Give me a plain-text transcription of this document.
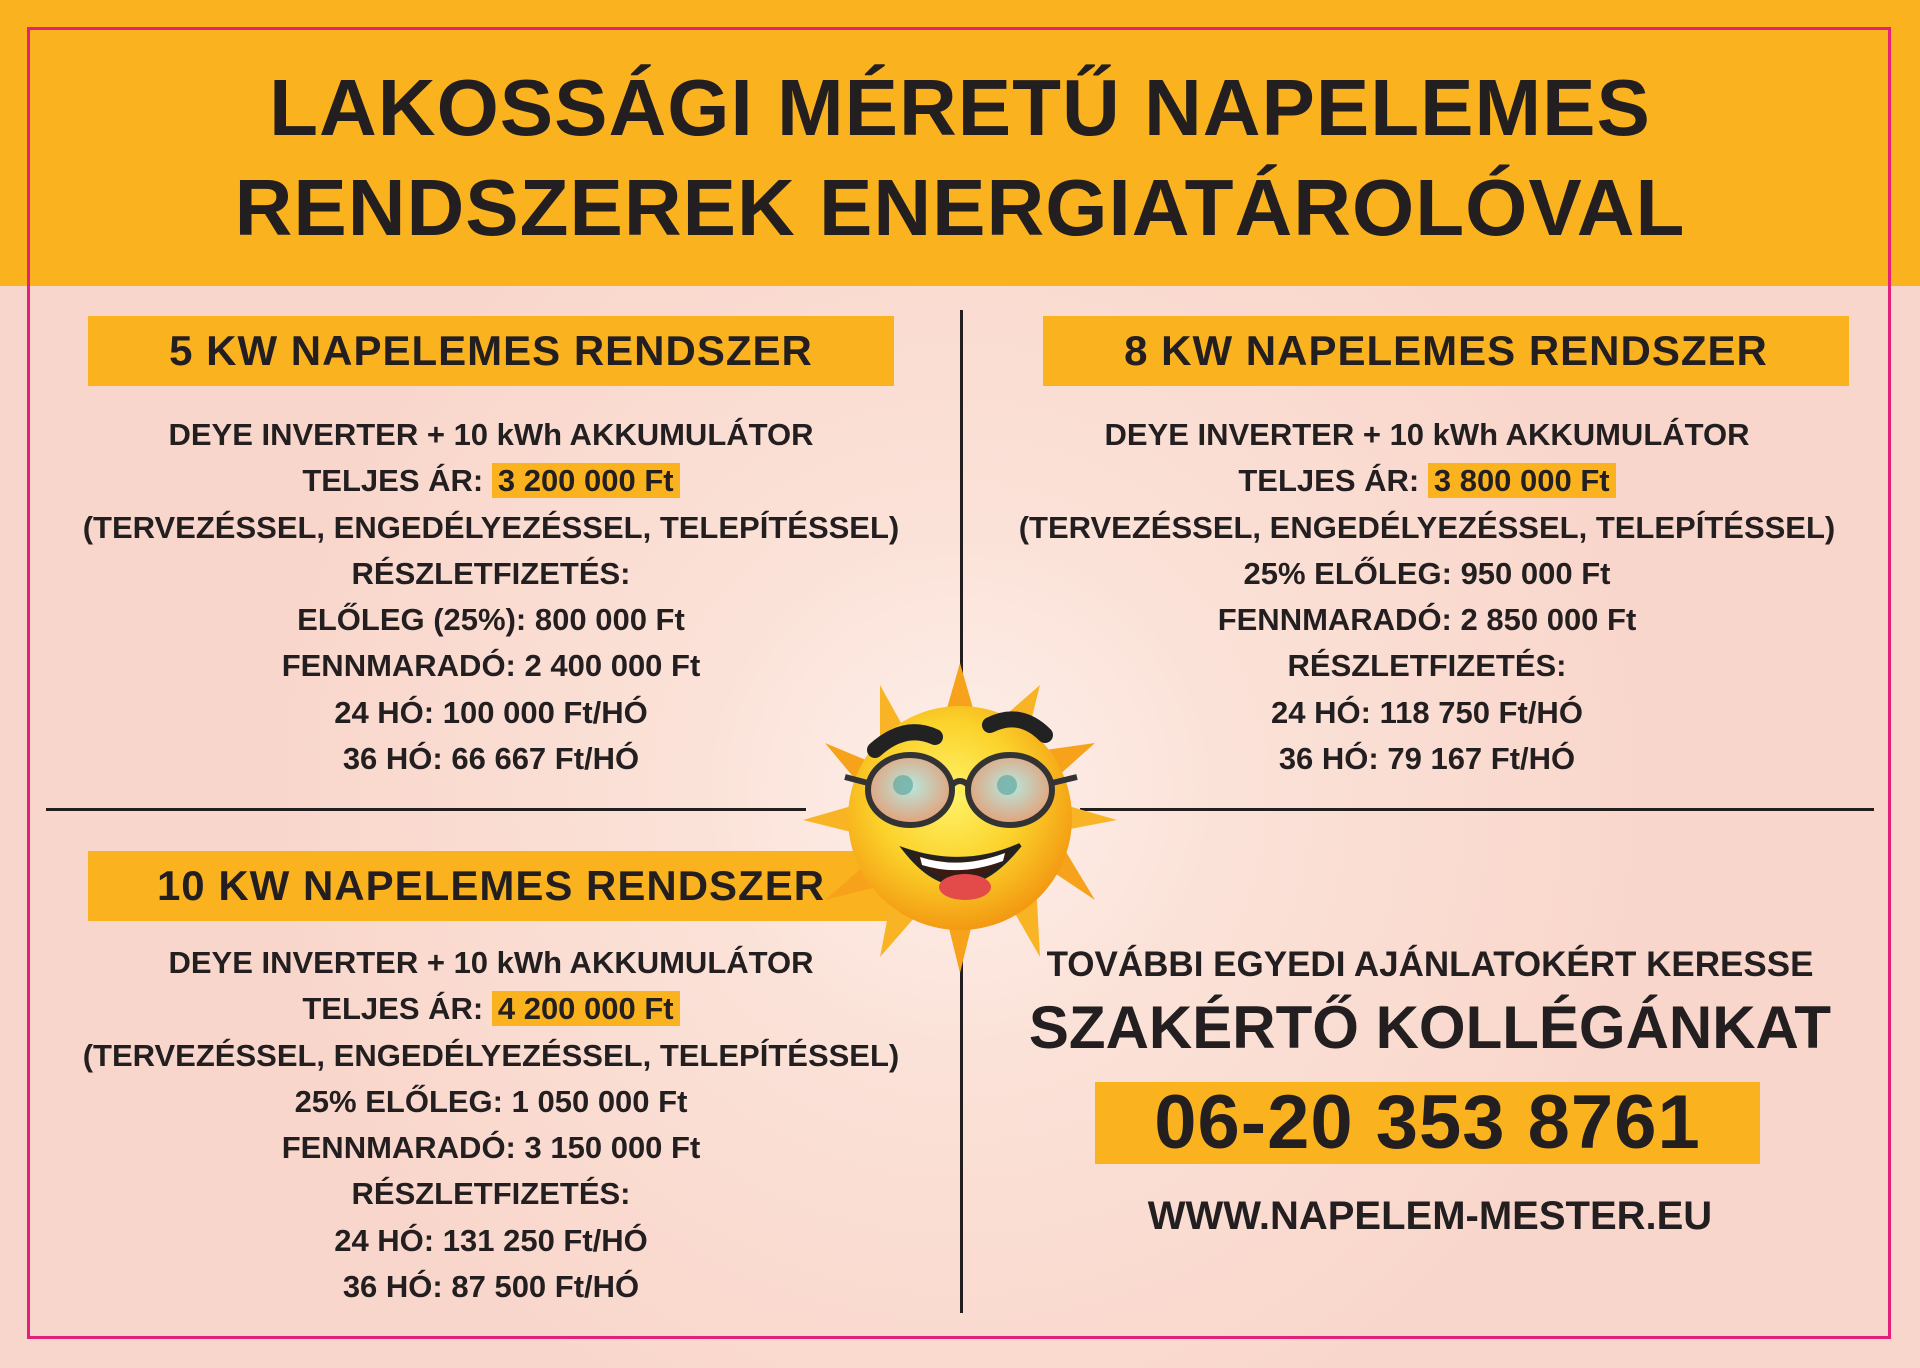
LAKOSSÁGI MÉRETŰ NAPELEMES
RENDSZEREK ENERGIATÁROLÓVAL
5 KW NAPELEMES RENDSZER
DEYE INVERTER + 10 kWh AKKUMULÁTOR
TELJES ÁR: 3 200 000 Ft
(TERVEZÉSSEL, ENGEDÉLYEZÉSSEL, TELEPÍTÉSSEL)
RÉSZLETFIZETÉS:
ELŐLEG (25%): 800 000 Ft
FENNMARADÓ: 2 400 000 Ft
24 HÓ: 100 000 Ft/HÓ
36 HÓ: 66 667 Ft/HÓ
8 KW NAPELEMES RENDSZER
DEYE INVERTER + 10 kWh AKKUMULÁTOR
TELJES ÁR: 3 800 000 Ft
(TERVEZÉSSEL, ENGEDÉLYEZÉSSEL, TELEPÍTÉSSEL)
25% ELŐLEG: 950 000 Ft
FENNMARADÓ: 2 850 000 Ft
RÉSZLETFIZETÉS:
24 HÓ: 118 750 Ft/HÓ
36 HÓ: 79 167 Ft/HÓ
10 KW NAPELEMES RENDSZER
DEYE INVERTER + 10 kWh AKKUMULÁTOR
TELJES ÁR: 4 200 000 Ft
(TERVEZÉSSEL, ENGEDÉLYEZÉSSEL, TELEPÍTÉSSEL)
25% ELŐLEG: 1 050 000 Ft
FENNMARADÓ: 3 150 000 Ft
RÉSZLETFIZETÉS:
24 HÓ: 131 250 Ft/HÓ
36 HÓ: 87 500 Ft/HÓ
TOVÁBBI EGYEDI AJÁNLATOKÉRT KERESSE
SZAKÉRTŐ KOLLÉGÁNKAT
06-20 353 8761
WWW.NAPELEM-MESTER.EU
